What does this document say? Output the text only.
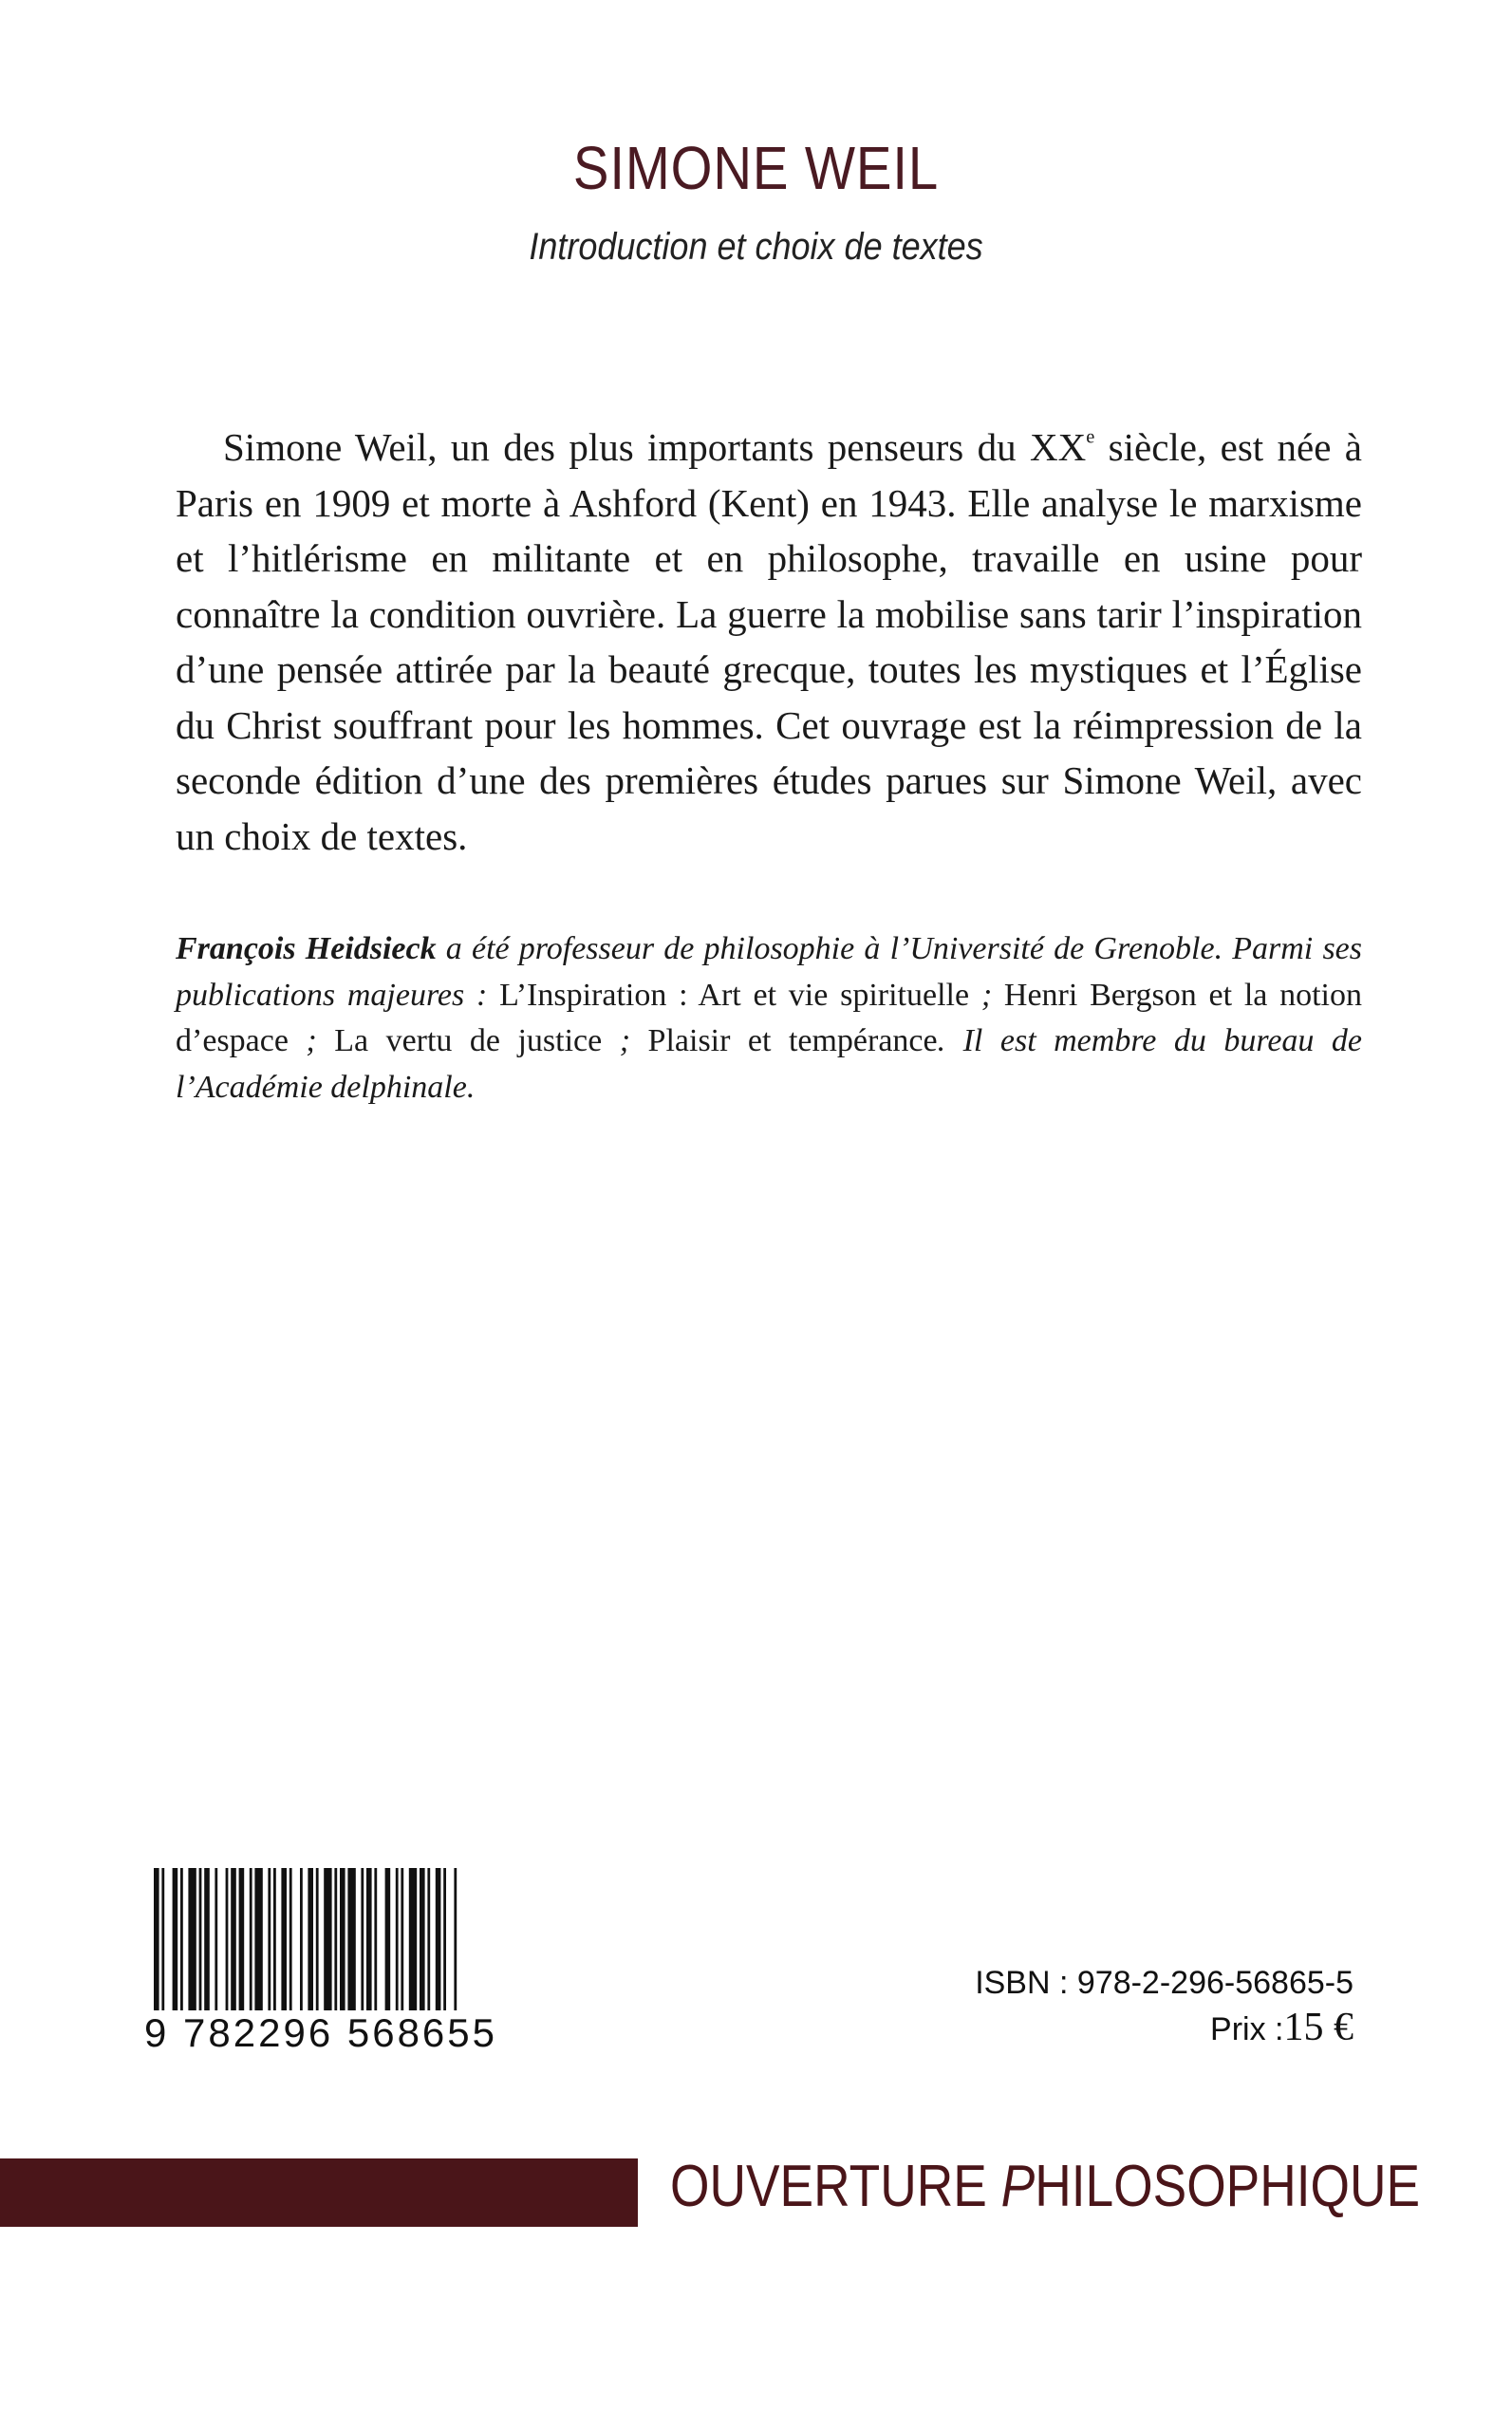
SIMONE WEIL
Introduction et choix de textes

Simone Weil, un des plus importants penseurs du XXe siècle, est née à Paris en 1909 et morte à Ashford (Kent) en 1943. Elle analyse le marxisme et l’hitlérisme en militante et en philosophe, travaille en usine pour connaître la condition ouvrière. La guerre la mobilise sans tarir l’inspiration d’une pensée attirée par la beauté grecque, toutes les mystiques et l’Église du Christ souffrant pour les hommes. Cet ouvrage est la réimpression de la seconde édition d’une des premières études parues sur Simone Weil, avec un choix de textes.

François Heidsieck a été professeur de philosophie à l’Université de Grenoble. Parmi ses publications majeures : L’Inspiration : Art et vie spirituelle ; Henri Bergson et la notion d’espace ; La vertu de justice ; Plaisir et tempérance. Il est membre du bureau de l’Académie delphinale.

9 782296 568655
ISBN : 978-2-296-56865-5
Prix :15 €
OUVERTURE PHILOSOPHIQUE
